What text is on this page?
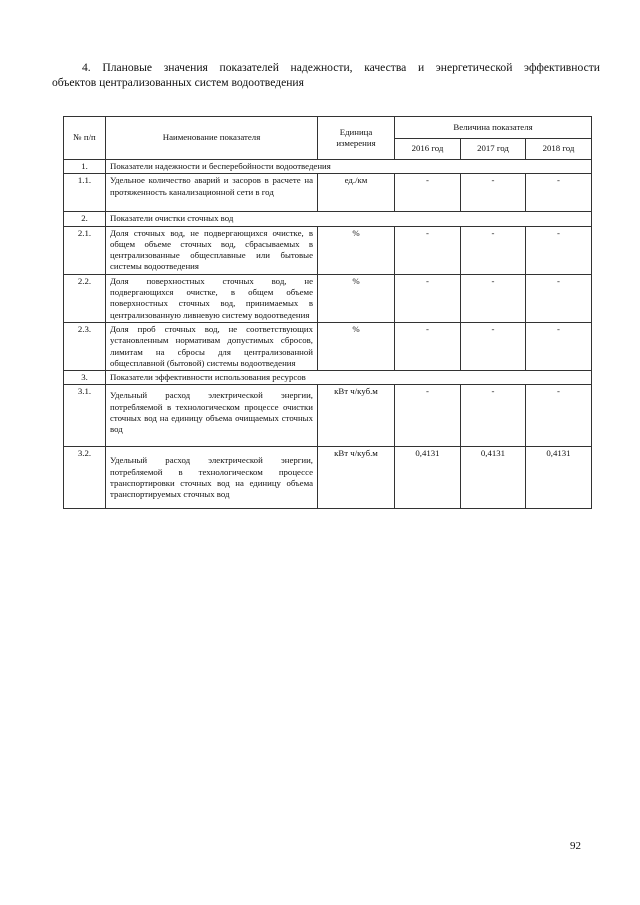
4. Плановые значения показателей надежности, качества и энергетической эффективности

объектов централизованных систем водоотведения

№ п/п	Наименование показателя	Единица измерения	Величина показателя		
			2016 год	2017 год	2018 год
1.	Показатели надежности и бесперебойности водоотведения				
1.1.	Удельное количество аварий и засоров в расчете на протяженность канализационной сети в год	ед./км	-	-	-
2.	Показатели очистки сточных вод				
2.1.	Доля сточных вод, не подвергающихся очистке, в общем объеме сточных вод, сбрасываемых в централизованные общесплавные или бытовые системы водоотведения	%	-	-	-
2.2.	Доля поверхностных сточных вод, не подвергающихся очистке, в общем объеме поверхностных сточных вод, принимаемых в централизованную ливневую систему водоотведения	%	-	-	-
2.3.	Доля проб сточных вод, не соответствующих установленным нормативам допустимых сбросов, лимитам на сбросы для централизованной общесплавной (бытовой) системы водоотведения	%	-	-	-
3.	Показатели эффективности использования ресурсов				
3.1.	Удельный расход электрической энергии, потребляемой в технологическом процессе очистки сточных вод на единицу объема очищаемых сточных вод	кВт ч/куб.м	-	-	-
3.2.	Удельный расход электрической энергии, потребляемой в технологическом процессе транспортировки сточных вод на единицу объема транспортируемых сточных вод	кВт ч/куб.м	0,4131	0,4131	0,4131
92
